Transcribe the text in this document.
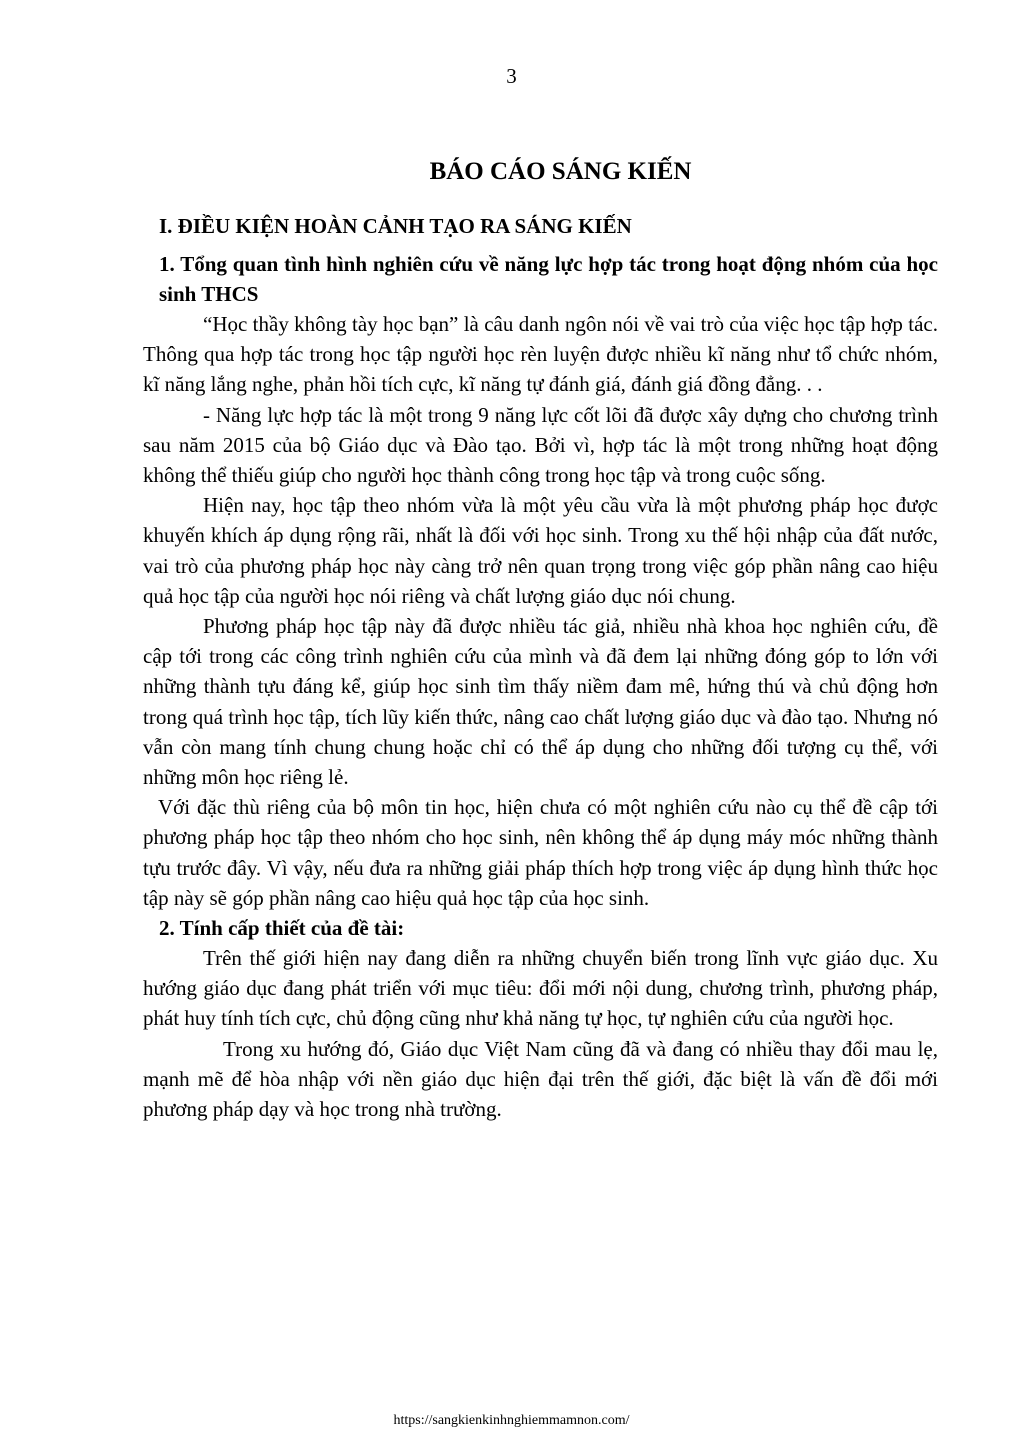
3
BÁO CÁO SÁNG KIẾN
I. ĐIỀU KIỆN HOÀN CẢNH TẠO RA SÁNG KIẾN
1. Tổng quan tình hình nghiên cứu về năng lực hợp tác trong hoạt động nhóm của học sinh THCS

“Học thầy không tày học bạn” là câu danh ngôn nói về vai trò của việc học tập hợp tác. Thông qua hợp tác trong học tập người học rèn luyện được nhiều kĩ năng như tổ chức nhóm, kĩ năng lắng nghe, phản hồi tích cực, kĩ năng tự đánh giá, đánh giá đồng đẳng. . .

- Năng lực hợp tác là một trong 9 năng lực cốt lõi đã được xây dựng cho chương trình sau năm 2015 của bộ Giáo dục và Đào tạo. Bởi vì, hợp tác là một trong những hoạt động không thể thiếu giúp cho người học thành công trong học tập và trong cuộc sống.

Hiện nay, học tập theo nhóm vừa là một yêu cầu vừa là một phương pháp học được khuyến khích áp dụng rộng rãi, nhất là đối với học sinh. Trong xu thế hội nhập của đất nước, vai trò của phương pháp học này càng trở nên quan trọng trong việc góp phần nâng cao hiệu quả học tập của người học nói riêng và chất lượng giáo dục nói chung.

Phương pháp học tập này đã được nhiều tác giả, nhiều nhà khoa học nghiên cứu, đề cập tới trong các công trình nghiên cứu của mình và đã đem lại những đóng góp to lớn với những thành tựu đáng kể, giúp học sinh tìm thấy niềm đam mê, hứng thú và chủ động hơn trong quá trình học tập, tích lũy kiến thức, nâng cao chất lượng giáo dục và đào tạo. Nhưng nó vẫn còn mang tính chung chung hoặc chỉ có thể áp dụng cho những đối tượng cụ thể, với những môn học riêng lẻ.

Với đặc thù riêng của bộ môn tin học, hiện chưa có một nghiên cứu nào cụ thể đề cập tới phương pháp học tập theo nhóm cho học sinh, nên không thể áp dụng máy móc những thành tựu trước đây. Vì vậy, nếu đưa ra những giải pháp thích hợp trong việc áp dụng hình thức học tập này sẽ góp phần nâng cao hiệu quả học tập của học sinh.

2. Tính cấp thiết của đề tài:

Trên thế giới hiện nay đang diễn ra những chuyển biến trong lĩnh vực giáo dục. Xu hướng giáo dục đang phát triển với mục tiêu: đổi mới nội dung, chương trình, phương pháp, phát huy tính tích cực, chủ động cũng như khả năng tự học, tự nghiên cứu của người học.

Trong xu hướng đó, Giáo dục Việt Nam cũng đã và đang có nhiều thay đổi mau lẹ, mạnh mẽ để hòa nhập với nền giáo dục hiện đại trên thế giới, đặc biệt là vấn đề đổi mới phương pháp dạy và học trong nhà trường.

https://sangkienkinhnghiemmamnon.com/
